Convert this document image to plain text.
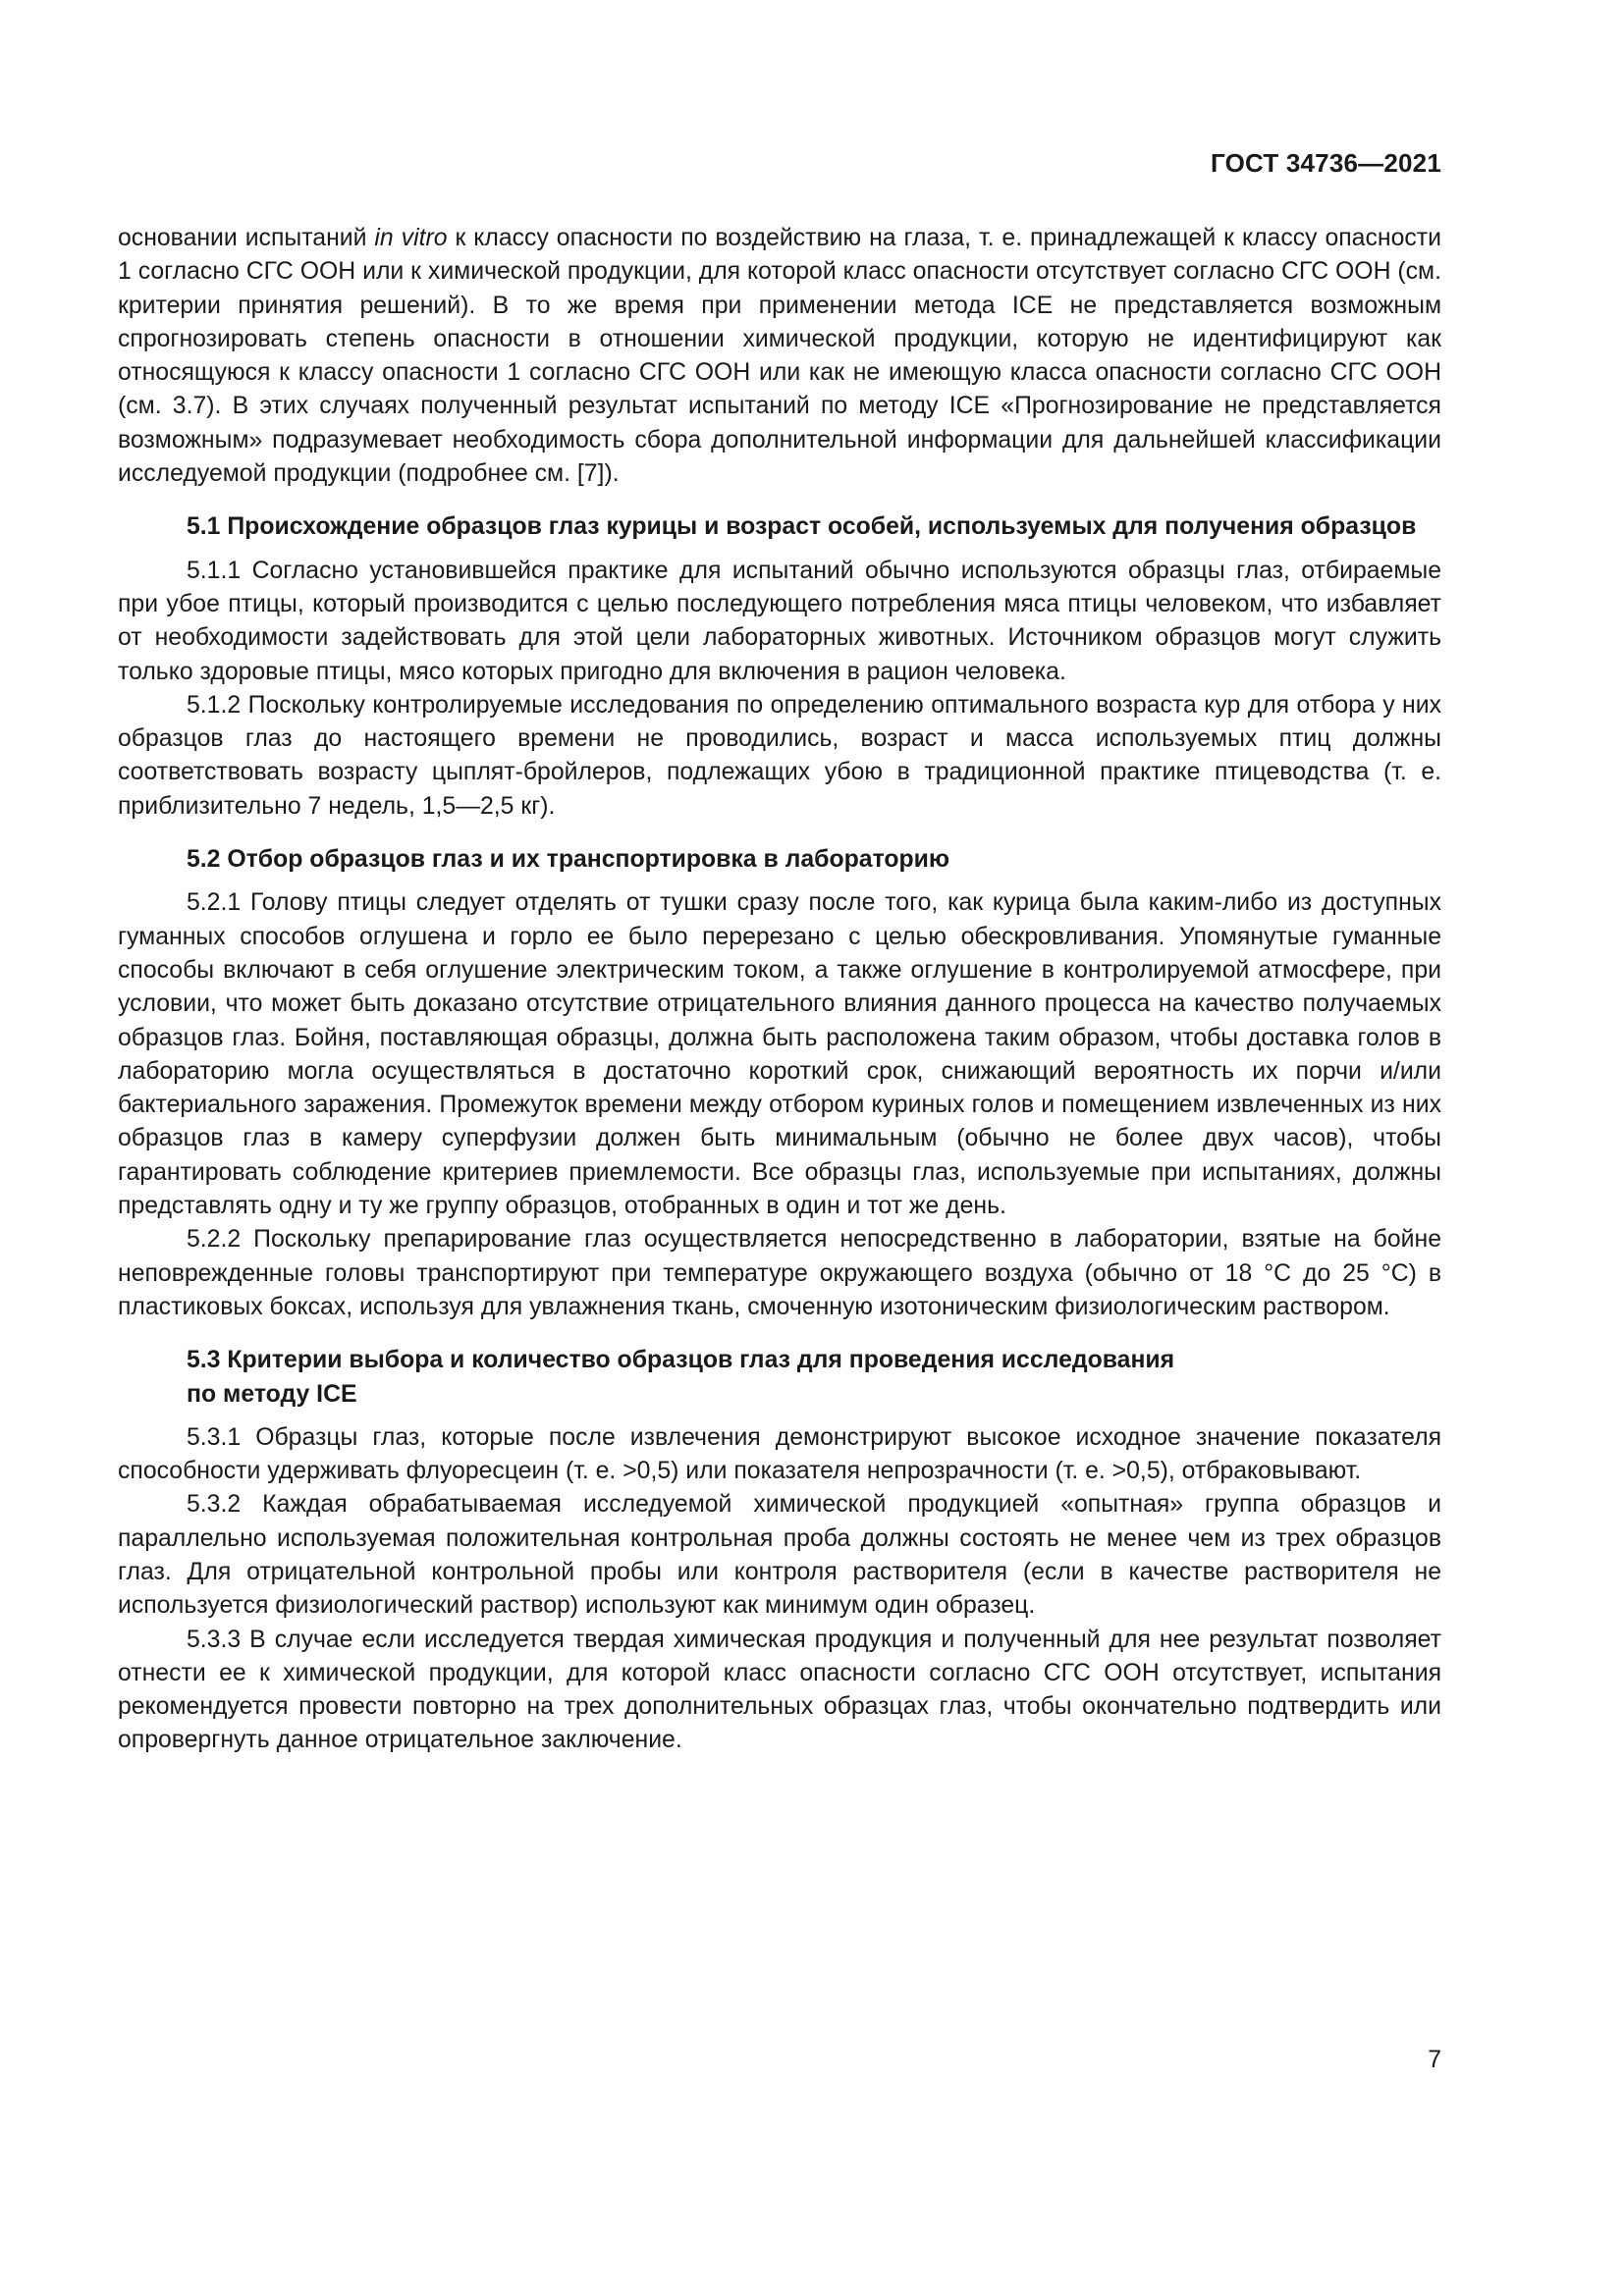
ГОСТ 34736—2021

основании испытаний in vitro к классу опасности по воздействию на глаза, т. е. принадлежащей к классу опасности 1 согласно СГС ООН или к химической продукции, для которой класс опасности отсутствует согласно СГС ООН (см. критерии принятия решений). В то же время при применении метода ICE не представляется возможным спрогнозировать степень опасности в отношении химической продукции, которую не идентифицируют как относящуюся к классу опасности 1 согласно СГС ООН или как не имеющую класса опасности согласно СГС ООН (см. 3.7). В этих случаях полученный результат испытаний по методу ICE «Прогнозирование не представляется возможным» подразумевает необходимость сбора дополнительной информации для дальнейшей классификации исследуемой продукции (подробнее см. [7]).

5.1 Происхождение образцов глаз курицы и возраст особей, используемых для получения образцов

5.1.1 Согласно установившейся практике для испытаний обычно используются образцы глаз, отбираемые при убое птицы, который производится с целью последующего потребления мяса птицы человеком, что избавляет от необходимости задействовать для этой цели лабораторных животных. Источником образцов могут служить только здоровые птицы, мясо которых пригодно для включения в рацион человека.

5.1.2 Поскольку контролируемые исследования по определению оптимального возраста кур для отбора у них образцов глаз до настоящего времени не проводились, возраст и масса используемых птиц должны соответствовать возрасту цыплят-бройлеров, подлежащих убою в традиционной практике птицеводства (т. е. приблизительно 7 недель, 1,5—2,5 кг).

5.2 Отбор образцов глаз и их транспортировка в лабораторию

5.2.1 Голову птицы следует отделять от тушки сразу после того, как курица была каким-либо из доступных гуманных способов оглушена и горло ее было перерезано с целью обескровливания. Упомянутые гуманные способы включают в себя оглушение электрическим током, а также оглушение в контролируемой атмосфере, при условии, что может быть доказано отсутствие отрицательного влияния данного процесса на качество получаемых образцов глаз. Бойня, поставляющая образцы, должна быть расположена таким образом, чтобы доставка голов в лабораторию могла осуществляться в достаточно короткий срок, снижающий вероятность их порчи и/или бактериального заражения. Промежуток времени между отбором куриных голов и помещением извлеченных из них образцов глаз в камеру суперфузии должен быть минимальным (обычно не более двух часов), чтобы гарантировать соблюдение критериев приемлемости. Все образцы глаз, используемые при испытаниях, должны представлять одну и ту же группу образцов, отобранных в один и тот же день.

5.2.2 Поскольку препарирование глаз осуществляется непосредственно в лаборатории, взятые на бойне неповрежденные головы транспортируют при температуре окружающего воздуха (обычно от 18 °С до 25 °С) в пластиковых боксах, используя для увлажнения ткань, смоченную изотоническим физиологическим раствором.

5.3 Критерии выбора и количество образцов глаз для проведения исследования
по методу ICE

5.3.1 Образцы глаз, которые после извлечения демонстрируют высокое исходное значение показателя способности удерживать флуоресцеин (т. е. >0,5) или показателя непрозрачности (т. е. >0,5), отбраковывают.

5.3.2 Каждая обрабатываемая исследуемой химической продукцией «опытная» группа образцов и параллельно используемая положительная контрольная проба должны состоять не менее чем из трех образцов глаз. Для отрицательной контрольной пробы или контроля растворителя (если в качестве растворителя не используется физиологический раствор) используют как минимум один образец.

5.3.3 В случае если исследуется твердая химическая продукция и полученный для нее результат позволяет отнести ее к химической продукции, для которой класс опасности согласно СГС ООН отсутствует, испытания рекомендуется провести повторно на трех дополнительных образцах глаз, чтобы окончательно подтвердить или опровергнуть данное отрицательное заключение.

7
